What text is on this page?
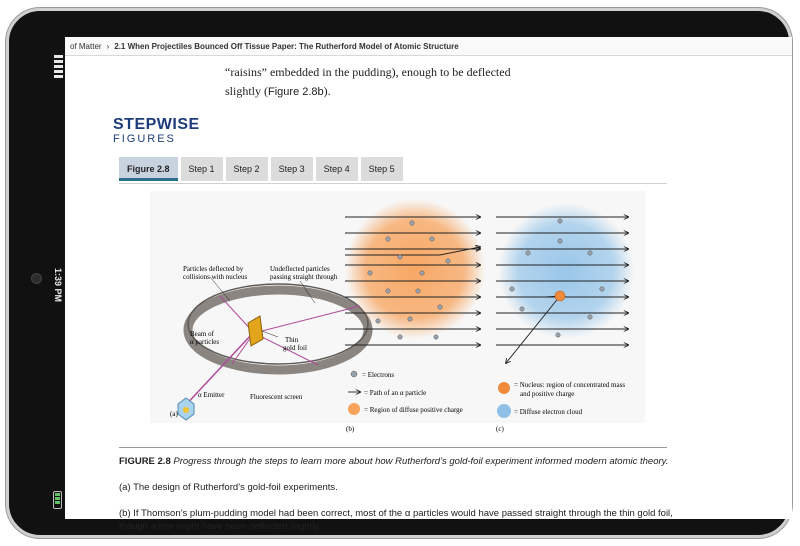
1:39 PM
of Matter › 2.1 When Projectiles Bounced Off Tissue Paper: The Rutherford Model of Atomic Structure

“raisins” embedded in the pudding), enough to be deflected

slightly (Figure 2.8b).

STEPWISE
FIGURES
Figure 2.8	Step 1	Step 2	Step 3	Step 4	Step 5
Particles deflected by
collisions with nucleus
Undeflected particles
passing straight through
Beam of
α particles	Thin
gold foil
α Emitter	Fluorescent screen
(a)
= Electrons
= Path of an α particle
= Region of diffuse positive charge
(b)
= Nucleus: region of concentrated mass
and positive charge
= Diffuse electron cloud
(c)

FIGURE 2.8 Progress through the steps to learn more about how Rutherford’s gold-foil experiment informed modern atomic theory.

(a) The design of Rutherford’s gold-foil experiments.

(b) If Thomson’s plum-pudding model had been correct, most of the α particles would have passed straight through the thin gold foil,
though a few might have been deflected slightly.
